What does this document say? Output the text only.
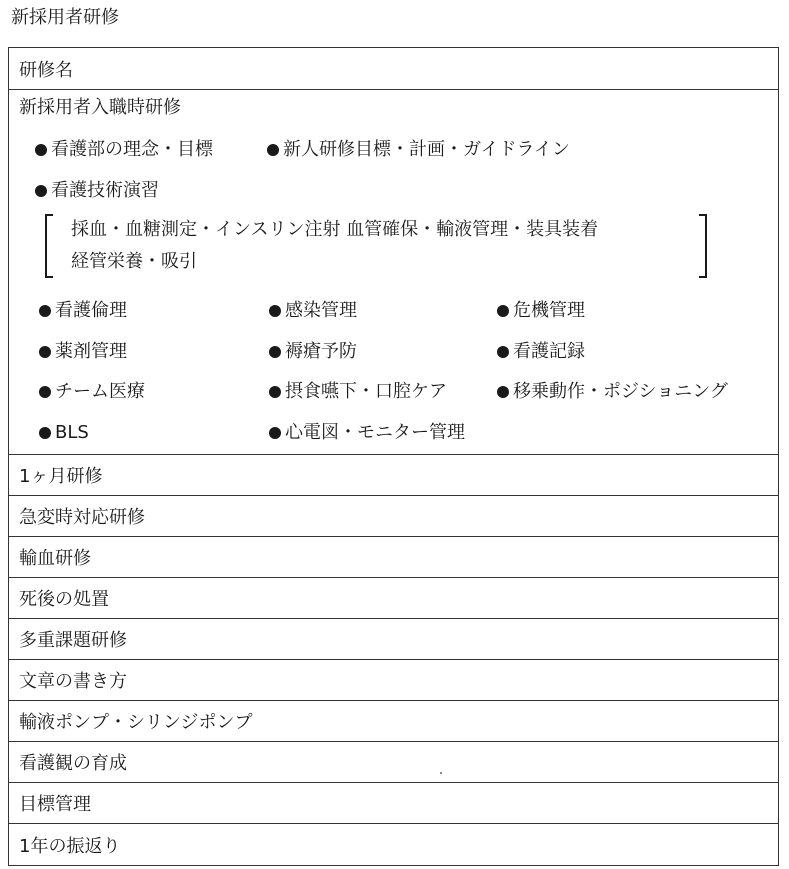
新採用者研修
研修名
新採用者入職時研修
看護部の理念・目標	新人研修目標・計画・ガイドライン
看護技術演習
採血・血糖測定・インスリン注射 血管確保・輸液管理・装具装着
経管栄養・吸引
看護倫理	感染管理	危機管理
薬剤管理	褥瘡予防	看護記録
チーム医療	摂食嚥下・口腔ケア	移乗動作・ポジショニング
BLS	心電図・モニター管理
1ヶ月研修
急変時対応研修
輸血研修
死後の処置
多重課題研修
文章の書き方
輸液ポンプ・シリンジポンプ
看護観の育成
目標管理
1年の振返り
